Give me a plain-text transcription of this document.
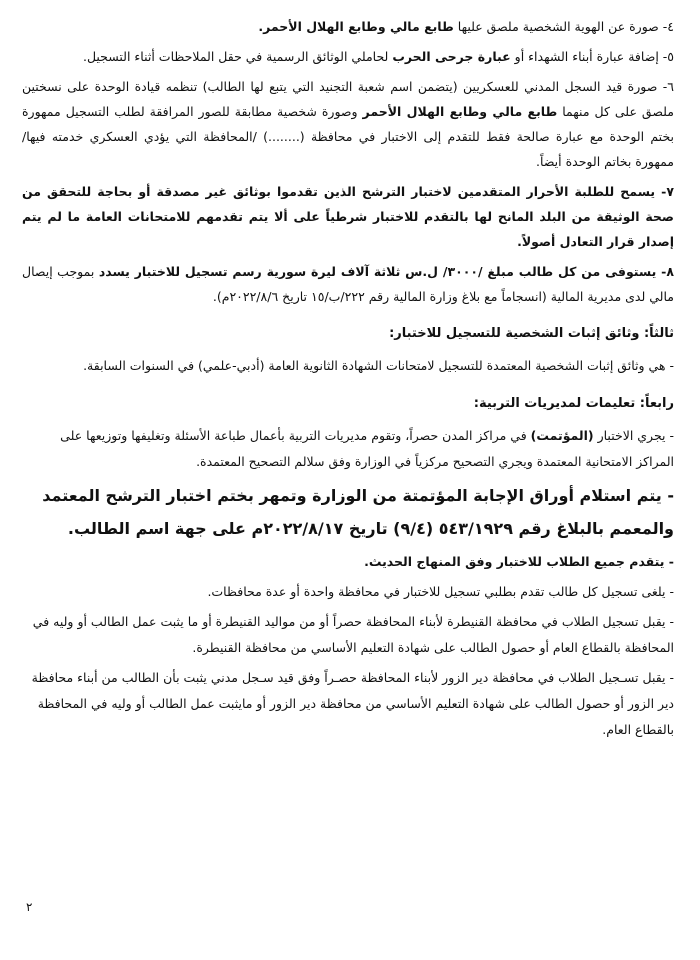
٤- صورة عن الهوية الشخصية ملصق عليها طابع مالي وطابع الهلال الأحمر.

٥- إضافة عبارة أبناء الشهداء أو عبارة جرحى الحرب لحاملي الوثائق الرسمية في حقل الملاحظات أثناء التسجيل.

٦- صورة قيد السجل المدني للعسكريين (يتضمن اسم شعبة التجنيد التي يتبع لها الطالب) تنظمه قيادة الوحدة على نسختين ملصق على كل منهما طابع مالي وطابع الهلال الأحمر وصورة شخصية مطابقة للصور المرافقة لطلب التسجيل ممهورة بختم الوحدة مع عبارة صالحة فقط للتقدم إلى الاختبار في محافظة (........) /المحافظة التي يؤدي العسكري خدمته فيها/ ممهورة بخاتم الوحدة أيضاً.

٧- يسمح للطلبة الأحرار المتقدمين لاختبار الترشح الذين تقدموا بوثائق غير مصدقة أو بحاجة للتحقق من صحة الوثيقة من البلد المانح لها بالتقدم للاختبار شرطياً على ألا يتم تقدمهم للامتحانات العامة ما لم يتم إصدار قرار التعادل أصولاً.

٨- يستوفى من كل طالب مبلغ /٣٠٠٠/ ل.س ثلاثة آلاف ليرة سورية رسم تسجيل للاختبار يسدد بموجب إيصال مالي لدى مديرية المالية (انسجاماً مع بلاغ وزارة المالية رقم ٢٢٢/ب/١٥ تاريخ ٢٠٢٢/٨/٦م).

ثالثاً: وثائق إثبات الشخصية للتسجيل للاختبار:

- هي وثائق إثبات الشخصية المعتمدة للتسجيل لامتحانات الشهادة الثانوية العامة (أدبي-علمي) في السنوات السابقة.

رابعاً: تعليمات لمديريات التربية:

- يجري الاختبار (المؤتمت) في مراكز المدن حصراً، وتقوم مديريات التربية بأعمال طباعة الأسئلة وتغليفها وتوزيعها على المراكز الامتحانية المعتمدة ويجري التصحيح مركزياً في الوزارة وفق سلالم التصحيح المعتمدة.

- يتم استلام أوراق الإجابة المؤتمتة من الوزارة وتمهر بختم اختبار الترشح المعتمد والمعمم بالبلاغ رقم ٥٤٣/١٩٢٩ (٩/٤) تاريخ ٢٠٢٢/٨/١٧م على جهة اسم الطالب.

- يتقدم جميع الطلاب للاختبار وفق المنهاج الحديث.

- يلغى تسجيل كل طالب تقدم بطلبي تسجيل للاختبار في محافظة واحدة أو عدة محافظات.

- يقبل تسجيل الطلاب في محافظة القنيطرة لأبناء المحافظة حصراً أو من مواليد القنيطرة أو ما يثبت عمل الطالب أو وليه في المحافظة بالقطاع العام أو حصول الطالب على شهادة التعليم الأساسي من محافظة القنيطرة.

- يقبل تسـجيل الطلاب في محافظة دير الزور لأبناء المحافظة حصـراً وفق قيد سـجل مدني يثبت بأن الطالب من أبناء محافظة دير الزور أو حصول الطالب على شهادة التعليم الأساسي من محافظة دير الزور أو مايثبت عمل الطالب أو وليه في المحافظة بالقطاع العام.

٢
